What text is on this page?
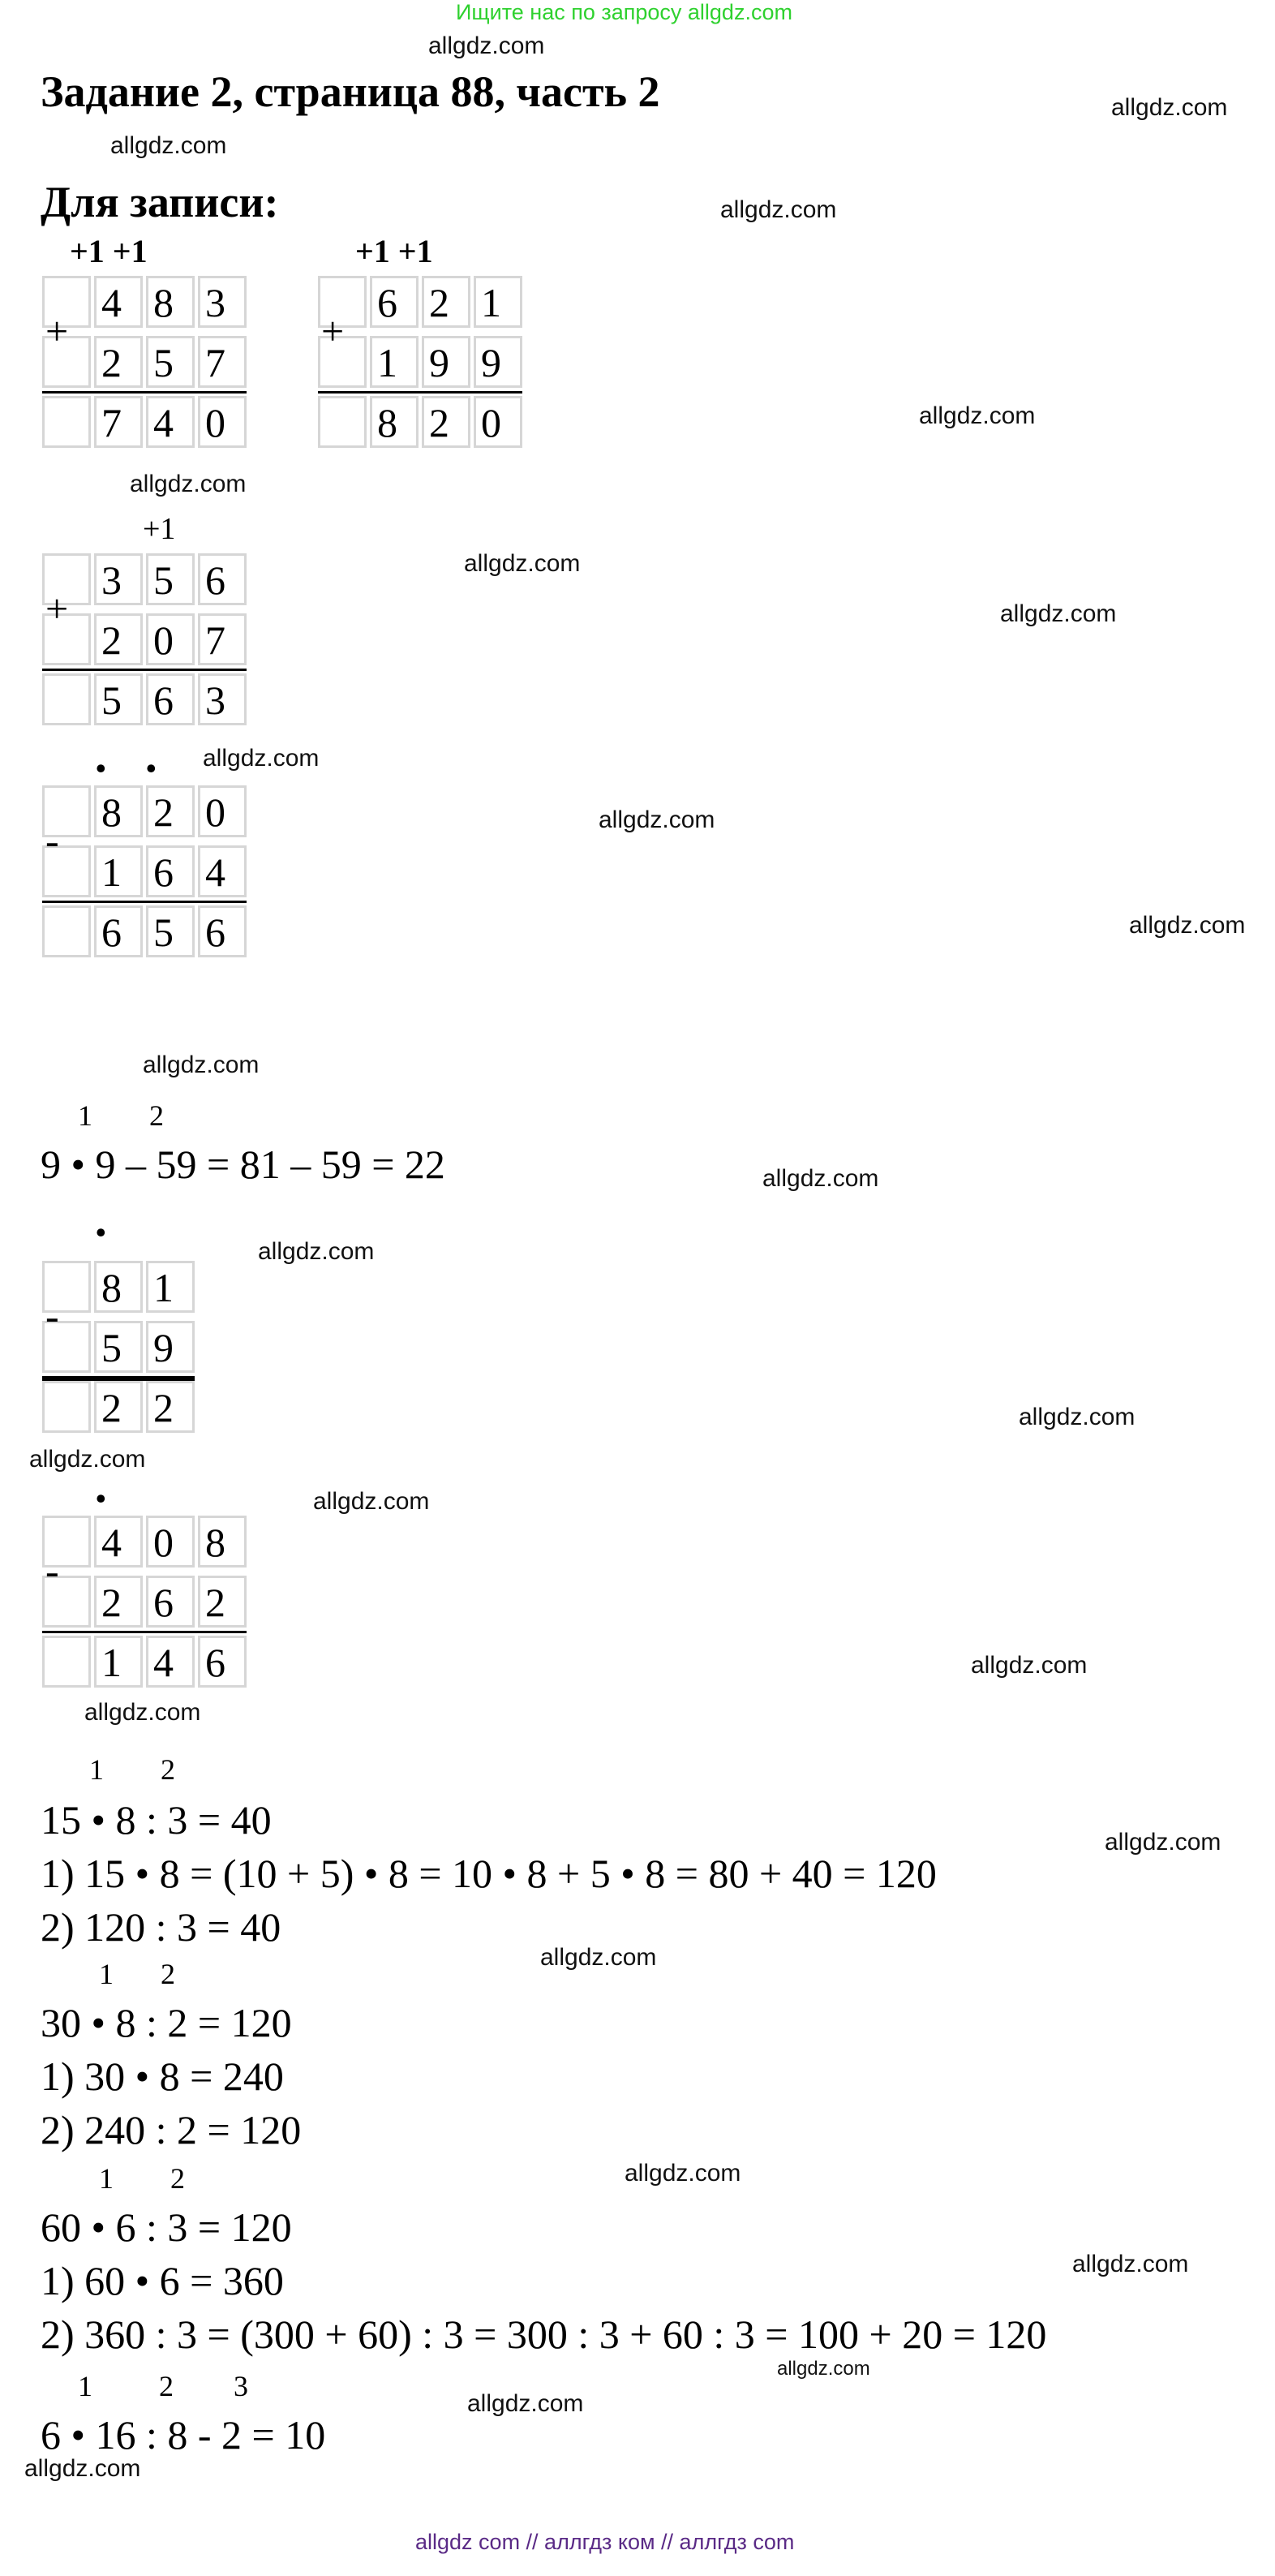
Ищите нас по запросу allgdz.com
Задание 2, страница 88, часть 2
Для записи:
allgdz.com
allgdz.com
allgdz.com
allgdz.com
allgdz.com
allgdz.com
allgdz.com
allgdz.com
allgdz.com
allgdz.com
allgdz.com
allgdz.com
allgdz.com
allgdz.com
allgdz.com
allgdz.com
allgdz.com
allgdz.com
allgdz.com
allgdz.com
allgdz.com
allgdz.com
allgdz.com
allgdz.com
allgdz.com
allgdz.com
+1 +1	+1 +1
+1
• •
•
•
4 8 3
2 5 7
7 4 0
+
6 2 1
1 9 9
8 2 0
+
3 5 6
2 0 7
5 6 3
+
8 2 0
1 6 4
6 5 6
-
8 1
5 9
2 2
-
4 0 8
2 6 2
1 4 6
-
1 2
9 • 9 – 59 = 81 – 59 = 22
1 2
15 • 8 : 3 = 40
1) 15 • 8 = (10 + 5) • 8 = 10 • 8 + 5 • 8 = 80 + 40 = 120
2) 120 : 3 = 40
1 2
30 • 8 : 2 = 120
1) 30 • 8 = 240
2) 240 : 2 = 120
1 2
60 • 6 : 3 = 120
1) 60 • 6 = 360
2) 360 : 3 = (300 + 60) : 3 = 300 : 3 + 60 : 3 = 100 + 20 = 120
1 2 3
6 • 16 : 8 - 2 = 10
allgdz com // аллгдз ком // аллгдз com
